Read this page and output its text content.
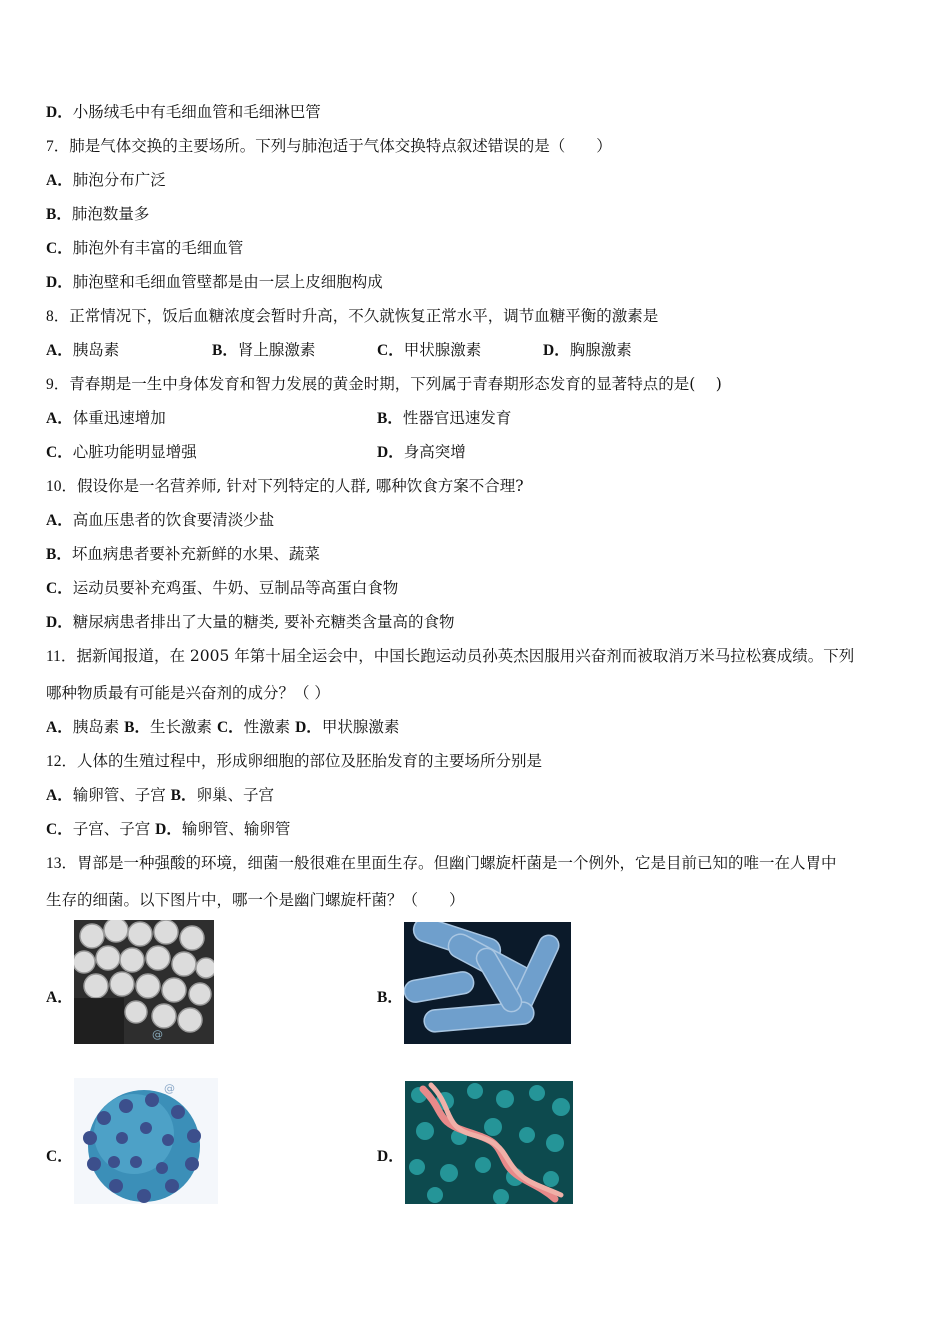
D．小肠绒毛中有毛细血管和毛细淋巴管
7．肺是气体交换的主要场所。下列与肺泡适于气体交换特点叙述错误的是（　　）
A．肺泡分布广泛
B．肺泡数量多
C．肺泡外有丰富的毛细血管
D．肺泡壁和毛细血管壁都是由一层上皮细胞构成
8．正常情况下，饭后血糖浓度会暂时升高，不久就恢复正常水平，调节血糖平衡的激素是
A．胰岛素	B．肾上腺激素	C．甲状腺激素	D．胸腺激素
9．青春期是一生中身体发育和智力发展的黄金时期，下列属于青春期形态发育的显著特点的是(　 )
A．体重迅速增加	B．性器官迅速发育
C．心脏功能明显增强	D．身高突增
10．假设你是一名营养师, 针对下列特定的人群, 哪种饮食方案不合理?
A．高血压患者的饮食要清淡少盐
B．坏血病患者要补充新鲜的水果、蔬菜
C．运动员要补充鸡蛋、牛奶、豆制品等高蛋白食物
D．糖尿病患者排出了大量的糖类, 要补充糖类含量高的食物
11．据新闻报道，在 2005 年第十届全运会中，中国长跑运动员孙英杰因服用兴奋剂而被取消万米马拉松赛成绩。下列
哪种物质最有可能是兴奋剂的成分？（ ）
A．胰岛素 B．生长激素 C．性激素 D．甲状腺激素
12．人体的生殖过程中，形成卵细胞的部位及胚胎发育的主要场所分别是
A．输卵管、子宫 B．卵巢、子宫
C．子宫、子宫 D．输卵管、输卵管
13．胃部是一种强酸的环境，细菌一般很难在里面生存。但幽门螺旋杆菌是一个例外，它是目前已知的唯一在人胃中
生存的细菌。以下图片中，哪一个是幽门螺旋杆菌？（　　）
A．
@
B．
C．
@
D．
